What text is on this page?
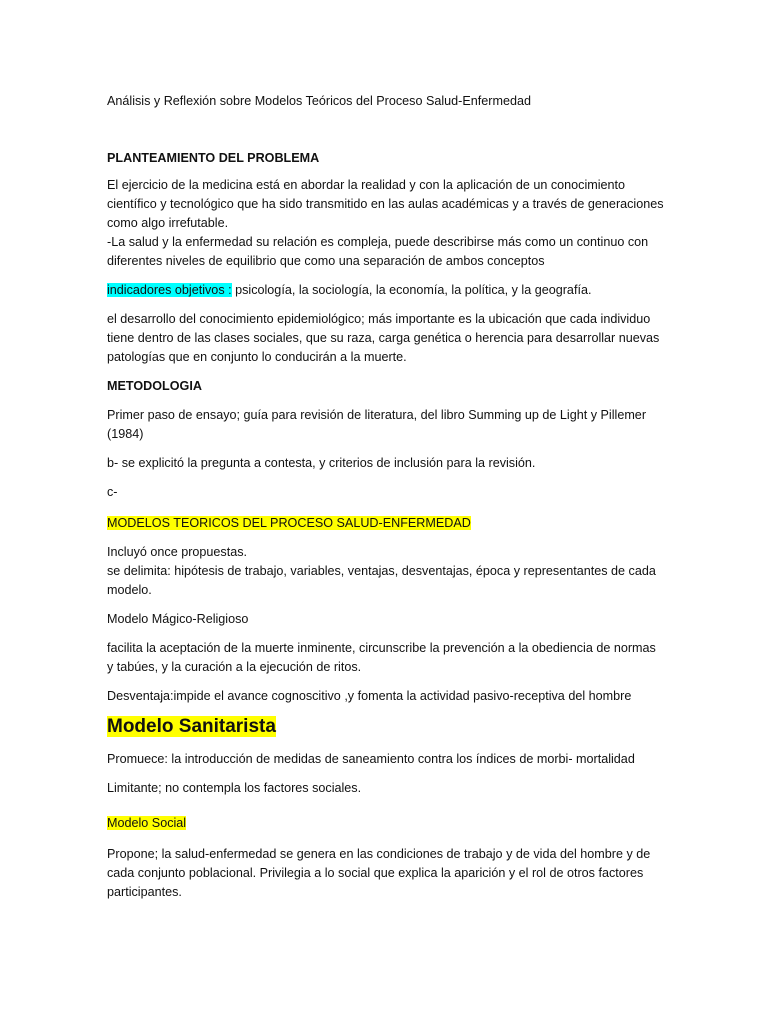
Análisis y Reflexión sobre Modelos Teóricos del Proceso Salud-Enfermedad

PLANTEAMIENTO DEL PROBLEMA

El ejercicio de la medicina está en abordar la realidad y con la aplicación de un conocimiento

científico y tecnológico que ha sido transmitido en las aulas académicas y a través de generaciones

como algo irrefutable.

-La salud y la enfermedad su relación es compleja, puede describirse más como un continuo con

diferentes niveles de equilibrio que como una separación de ambos conceptos

indicadores objetivos : psicología, la sociología, la economía, la política, y la geografía.

el desarrollo del conocimiento epidemiológico; más importante es la ubicación que cada individuo

tiene dentro de las clases sociales, que su raza, carga genética o herencia para desarrollar nuevas

patologías que en conjunto lo conducirán a la muerte.

METODOLOGIA

Primer paso de ensayo; guía para revisión de literatura, del libro Summing up de Light y Pillemer

(1984)

b- se explicitó la pregunta a contesta, y criterios de inclusión para la revisión.

c-

MODELOS TEORICOS DEL PROCESO SALUD-ENFERMEDAD

Incluyó once propuestas.

se delimita: hipótesis de trabajo, variables, ventajas, desventajas, época y representantes de cada

modelo.

Modelo Mágico-Religioso

facilita la aceptación de la muerte inminente, circunscribe la prevención a la obediencia de normas

y tabúes, y la curación a la ejecución de ritos.

Desventaja:impide el avance cognoscitivo ,y fomenta la actividad pasivo-receptiva del hombre

Modelo Sanitarista

Promuece: la introducción de medidas de saneamiento contra los índices de morbi- mortalidad

Limitante; no contempla los factores sociales.

Modelo Social

Propone; la salud-enfermedad se genera en las condiciones de trabajo y de vida del hombre y de

cada conjunto poblacional. Privilegia a lo social que explica la aparición y el rol de otros factores

participantes.
